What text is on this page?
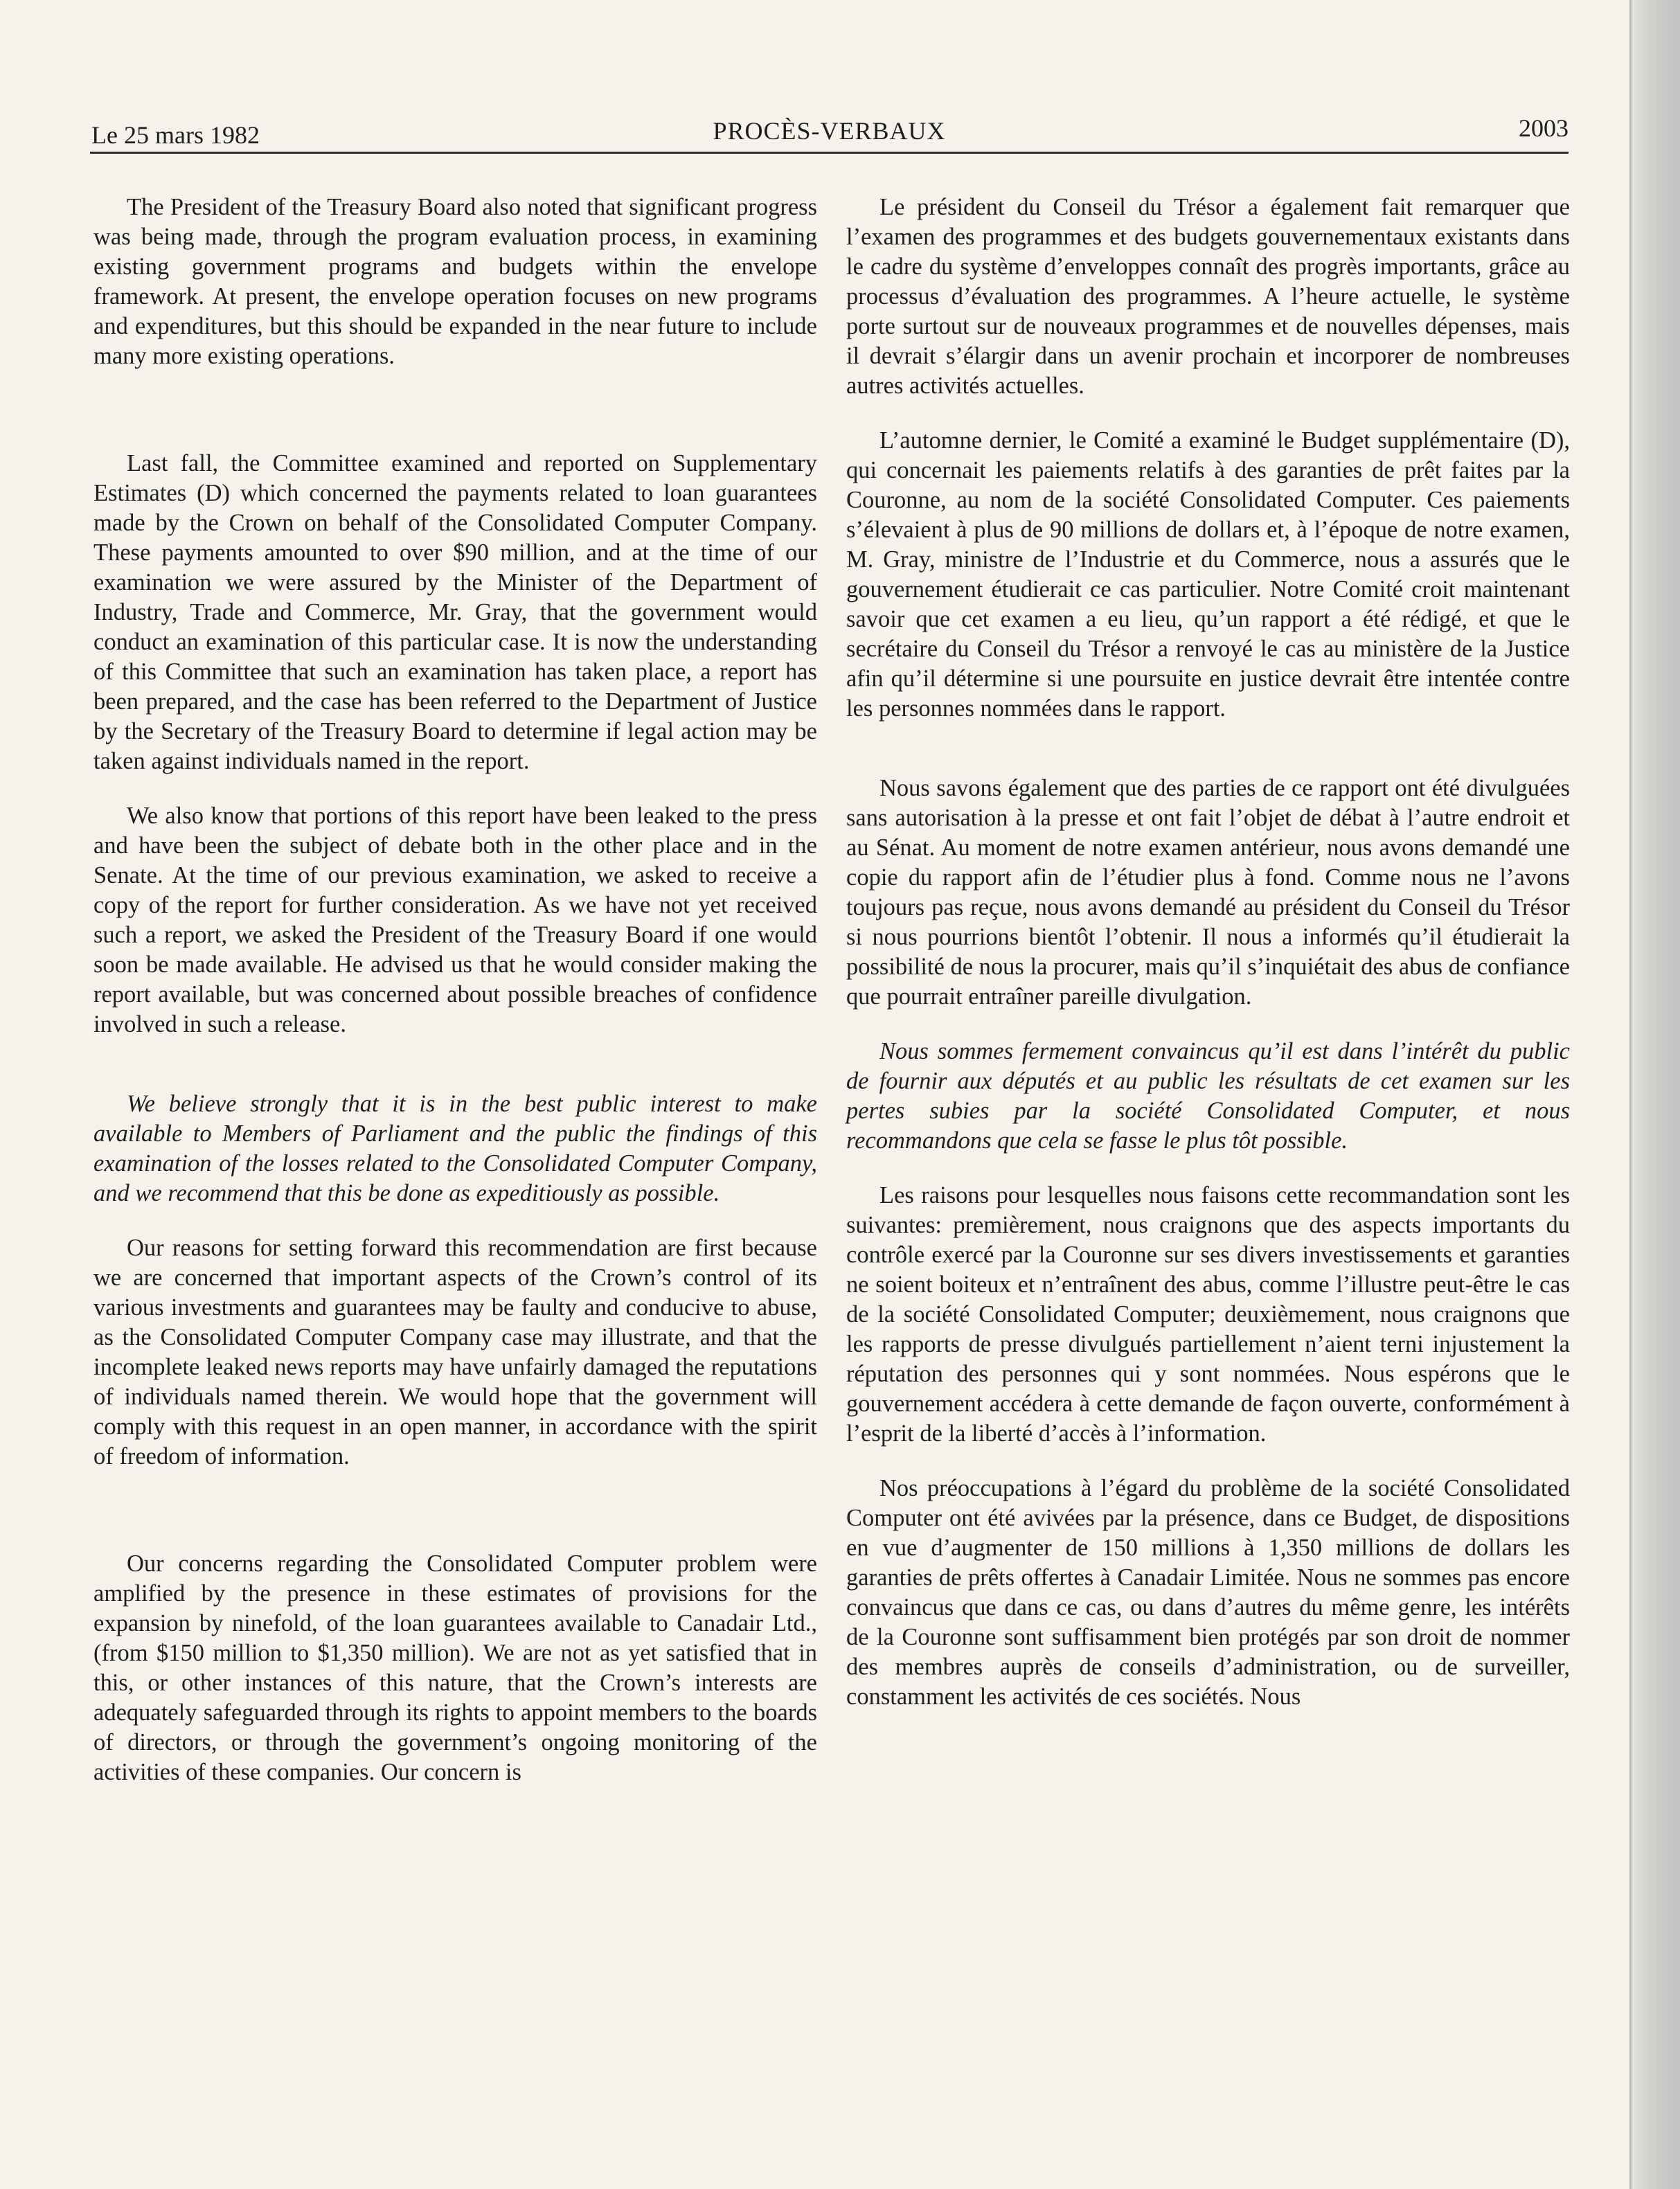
Le 25 mars 1982	PROCÈS-VERBAUX	2003

The President of the Treasury Board also noted that significant progress was being made, through the program evaluation process, in examining existing government programs and budgets within the envelope framework. At present, the envelope operation focuses on new programs and expenditures, but this should be expanded in the near future to include many more existing operations.

Last fall, the Committee examined and reported on Supplementary Estimates (D) which concerned the payments related to loan guarantees made by the Crown on behalf of the Consolidated Computer Company. These payments amounted to over $90 million, and at the time of our examination we were assured by the Minister of the Department of Industry, Trade and Commerce, Mr. Gray, that the government would conduct an examination of this particular case. It is now the understanding of this Committee that such an examination has taken place, a report has been prepared, and the case has been referred to the Department of Justice by the Secretary of the Treasury Board to determine if legal action may be taken against individuals named in the report.

We also know that portions of this report have been leaked to the press and have been the subject of debate both in the other place and in the Senate. At the time of our previous examination, we asked to receive a copy of the report for further consideration. As we have not yet received such a report, we asked the President of the Treasury Board if one would soon be made available. He advised us that he would consider making the report available, but was concerned about possible breaches of confidence involved in such a release.

We believe strongly that it is in the best public interest to make available to Members of Parliament and the public the findings of this examination of the losses related to the Consolidated Computer Company, and we recommend that this be done as expeditiously as possible.

Our reasons for setting forward this recommendation are first because we are concerned that important aspects of the Crown’s control of its various investments and guarantees may be faulty and conducive to abuse, as the Consolidated Computer Company case may illustrate, and that the incomplete leaked news reports may have unfairly damaged the reputations of individuals named therein. We would hope that the government will comply with this request in an open manner, in accordance with the spirit of freedom of information.

Our concerns regarding the Consolidated Computer problem were amplified by the presence in these estimates of provisions for the expansion by ninefold, of the loan guarantees available to Canadair Ltd., (from $150 million to $1,350 million). We are not as yet satisfied that in this, or other instances of this nature, that the Crown’s interests are adequately safeguarded through its rights to appoint members to the boards of directors, or through the government’s ongoing monitoring of the activities of these companies. Our concern is

Le président du Conseil du Trésor a également fait remarquer que l’examen des programmes et des budgets gouvernementaux existants dans le cadre du système d’enveloppes connaît des progrès importants, grâce au processus d’évaluation des programmes. A l’heure actuelle, le système porte surtout sur de nouveaux programmes et de nouvelles dépenses, mais il devrait s’élargir dans un avenir prochain et incorporer de nombreuses autres activités actuelles.

L’automne dernier, le Comité a examiné le Budget supplémentaire (D), qui concernait les paiements relatifs à des garanties de prêt faites par la Couronne, au nom de la société Consolidated Computer. Ces paiements s’élevaient à plus de 90 millions de dollars et, à l’époque de notre examen, M. Gray, ministre de l’Industrie et du Commerce, nous a assurés que le gouvernement étudierait ce cas particulier. Notre Comité croit maintenant savoir que cet examen a eu lieu, qu’un rapport a été rédigé, et que le secrétaire du Conseil du Trésor a renvoyé le cas au ministère de la Justice afin qu’il détermine si une poursuite en justice devrait être intentée contre les personnes nommées dans le rapport.

Nous savons également que des parties de ce rapport ont été divulguées sans autorisation à la presse et ont fait l’objet de débat à l’autre endroit et au Sénat. Au moment de notre examen antérieur, nous avons demandé une copie du rapport afin de l’étudier plus à fond. Comme nous ne l’avons toujours pas reçue, nous avons demandé au président du Conseil du Trésor si nous pourrions bientôt l’obtenir. Il nous a informés qu’il étudierait la possibilité de nous la procurer, mais qu’il s’inquiétait des abus de confiance que pourrait entraîner pareille divulgation.

Nous sommes fermement convaincus qu’il est dans l’intérêt du public de fournir aux députés et au public les résultats de cet examen sur les pertes subies par la société Consolidated Computer, et nous recommandons que cela se fasse le plus tôt possible.

Les raisons pour lesquelles nous faisons cette recommandation sont les suivantes: premièrement, nous craignons que des aspects importants du contrôle exercé par la Couronne sur ses divers investissements et garanties ne soient boiteux et n’entraînent des abus, comme l’illustre peut-être le cas de la société Consolidated Computer; deuxièmement, nous craignons que les rapports de presse divulgués partiellement n’aient terni injustement la réputation des personnes qui y sont nommées. Nous espérons que le gouvernement accédera à cette demande de façon ouverte, conformément à l’esprit de la liberté d’accès à l’information.

Nos préoccupations à l’égard du problème de la société Consolidated Computer ont été avivées par la présence, dans ce Budget, de dispositions en vue d’augmenter de 150 millions à 1,350 millions de dollars les garanties de prêts offertes à Canadair Limitée. Nous ne sommes pas encore convaincus que dans ce cas, ou dans d’autres du même genre, les intérêts de la Couronne sont suffisamment bien protégés par son droit de nommer des membres auprès de conseils d’administration, ou de surveiller, constamment les activités de ces sociétés. Nous
